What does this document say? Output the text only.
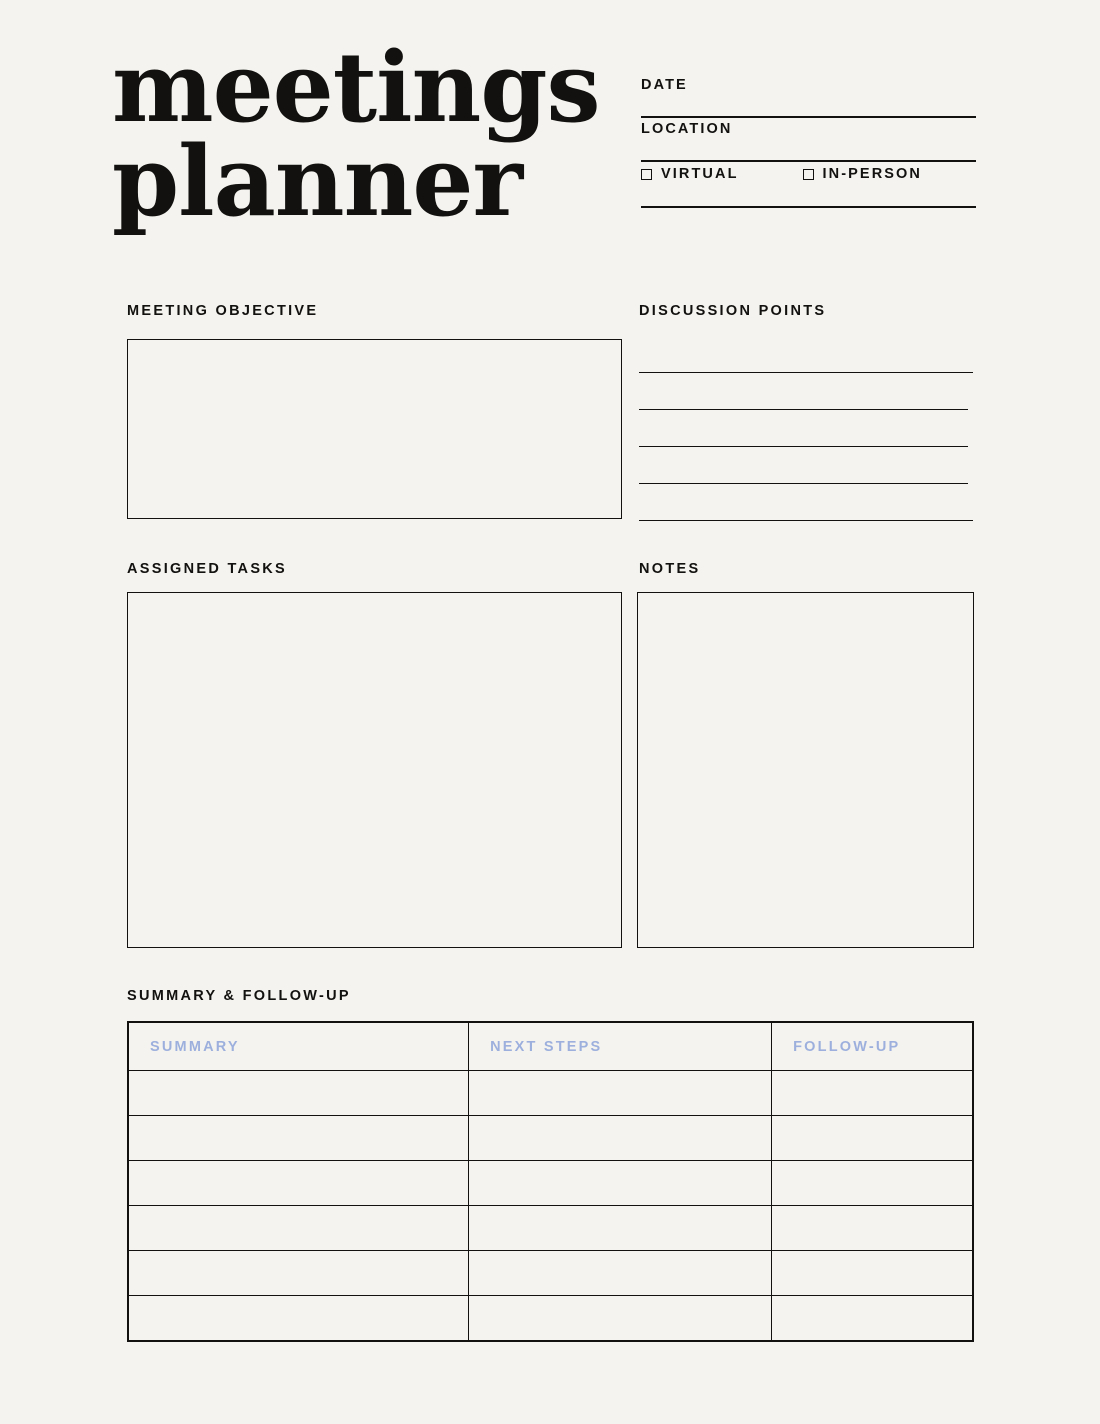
meetings
planner
DATE
LOCATION
VIRTUAL	IN-PERSON
MEETING OBJECTIVE	DISCUSSION POINTS
ASSIGNED TASKS	NOTES
SUMMARY & FOLLOW-UP
SUMMARY	NEXT STEPS	FOLLOW-UP
